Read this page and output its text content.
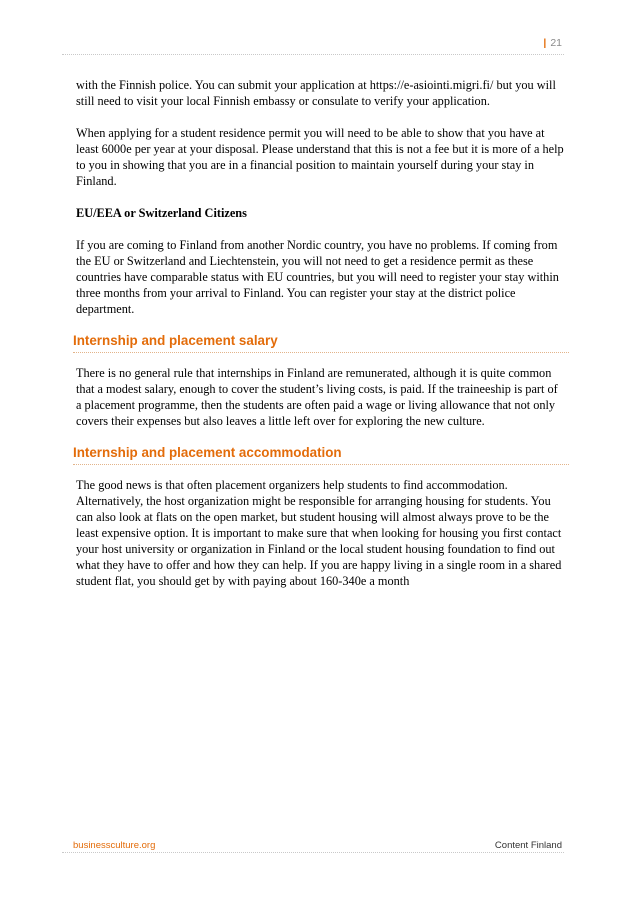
| 21

with the Finnish police. You can submit your application at https://e-asiointi.migri.fi/ but you will still need to visit your local Finnish embassy or consulate to verify your application.

When applying for a student residence permit you will need to be able to show that you have at least 6000e per year at your disposal. Please understand that this is not a fee but it is more of a help to you in showing that you are in a financial position to maintain yourself during your stay in Finland.

EU/EEA or Switzerland Citizens

If you are coming to Finland from another Nordic country, you have no problems. If coming from the EU or Switzerland and Liechtenstein, you will not need to get a residence permit as these countries have comparable status with EU countries, but you will need to register your stay within three months from your arrival to Finland. You can register your stay at the district police department.

Internship and placement salary

There is no general rule that internships in Finland are remunerated, although it is quite common that a modest salary, enough to cover the student’s living costs, is paid. If the traineeship is part of a placement programme, then the students are often paid a wage or living allowance that not only covers their expenses but also leaves a little left over for exploring the new culture.

Internship and placement accommodation

The good news is that often placement organizers help students to find accommodation. Alternatively, the host organization might be responsible for arranging housing for students. You can also look at flats on the open market, but student housing will almost always prove to be the least expensive option. It is important to make sure that when looking for housing you first contact your host university or organization in Finland or the local student housing foundation to find out what they have to offer and how they can help. If you are happy living in a single room in a shared student flat, you should get by with paying about 160-340e a month

businessculture.org	Content Finland
